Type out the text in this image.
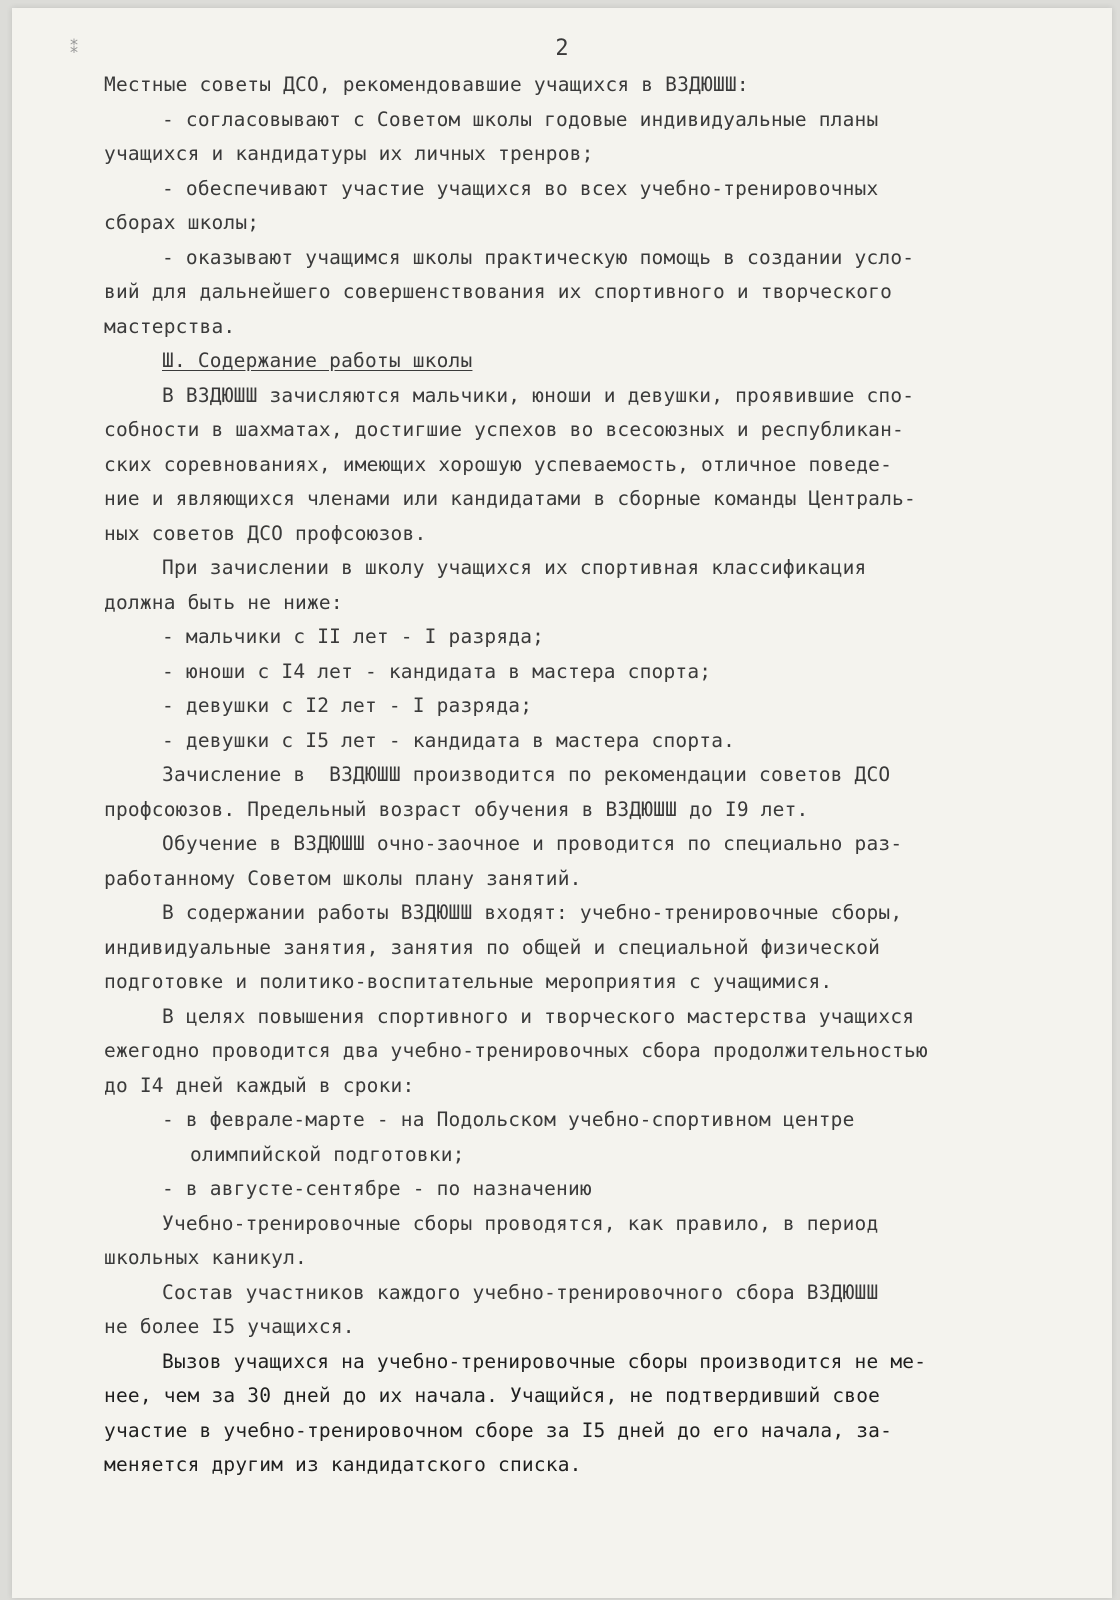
⁑	2

Местные советы ДСО, рекомендовавшие учащихся в ВЗДЮШШ:

- согласовывают с Советом школы годовые индивидуальные планы

учащихся и кандидатуры их личных тренров;

- обеспечивают участие учащихся во всех учебно-тренировочных

сборах школы;

- оказывают учащимся школы практическую помощь в создании усло-

вий для дальнейшего совершенствования их спортивного и творческого

мастерства.

Ш. Содержание работы школы

В ВЗДЮШШ зачисляются мальчики, юноши и девушки, проявившие спо-

собности в шахматах, достигшие успехов во всесоюзных и республикан-

ских соревнованиях, имеющих хорошую успеваемость, отличное поведе-

ние и являющихся членами или кандидатами в сборные команды Централь-

ных советов ДСО профсоюзов.

При зачислении в школу учащихся их спортивная классификация

должна быть не ниже:

- мальчики с II лет - I разряда;

- юноши с I4 лет - кандидата в мастера спорта;

- девушки с I2 лет - I разряда;

- девушки с I5 лет - кандидата в мастера спорта.

Зачисление в  ВЗДЮШШ производится по рекомендации советов ДСО

профсоюзов. Предельный возраст обучения в ВЗДЮШШ до I9 лет.

Обучение в ВЗДЮШШ очно-заочное и проводится по специально раз-

работанному Советом школы плану занятий.

В содержании работы ВЗДЮШШ входят: учебно-тренировочные сборы,

индивидуальные занятия, занятия по общей и специальной физической

подготовке и политико-воспитательные мероприятия с учащимися.

В целях повышения спортивного и творческого мастерства учащихся

ежегодно проводится два учебно-тренировочных сбора продолжительностью

до I4 дней каждый в сроки:

- в феврале-марте - на Подольском учебно-спортивном центре

олимпийской подготовки;

- в августе-сентябре - по назначению

Учебно-тренировочные сборы проводятся, как правило, в период

школьных каникул.

Состав участников каждого учебно-тренировочного сбора ВЗДЮШШ

не более I5 учащихся.

Вызов учащихся на учебно-тренировочные сборы производится не ме-

нее, чем за 30 дней до их начала. Учащийся, не подтвердивший свое

участие в учебно-тренировочном сборе за I5 дней до его начала, за-

меняется другим из кандидатского списка.
